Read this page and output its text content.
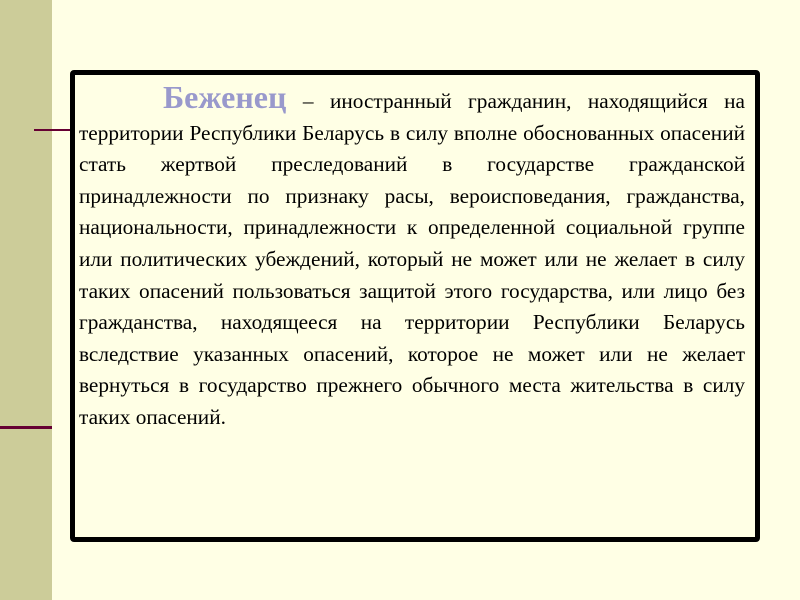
Беженец – иностранный гражданин, находящийся на территории Республики Беларусь в силу вполне обоснованных опасений стать жертвой преследований в государстве гражданской принадлежности по признаку расы, вероисповедания, гражданства, национальности, принадлежности к определенной социальной группе или политических убеждений, который не может или не желает в силу таких опасений пользоваться защитой этого государства, или лицо без гражданства, находящееся на территории Республики Беларусь вследствие указанных опасений, которое не может или не желает вернуться в государство прежнего обычного места жительства в силу таких опасений.
